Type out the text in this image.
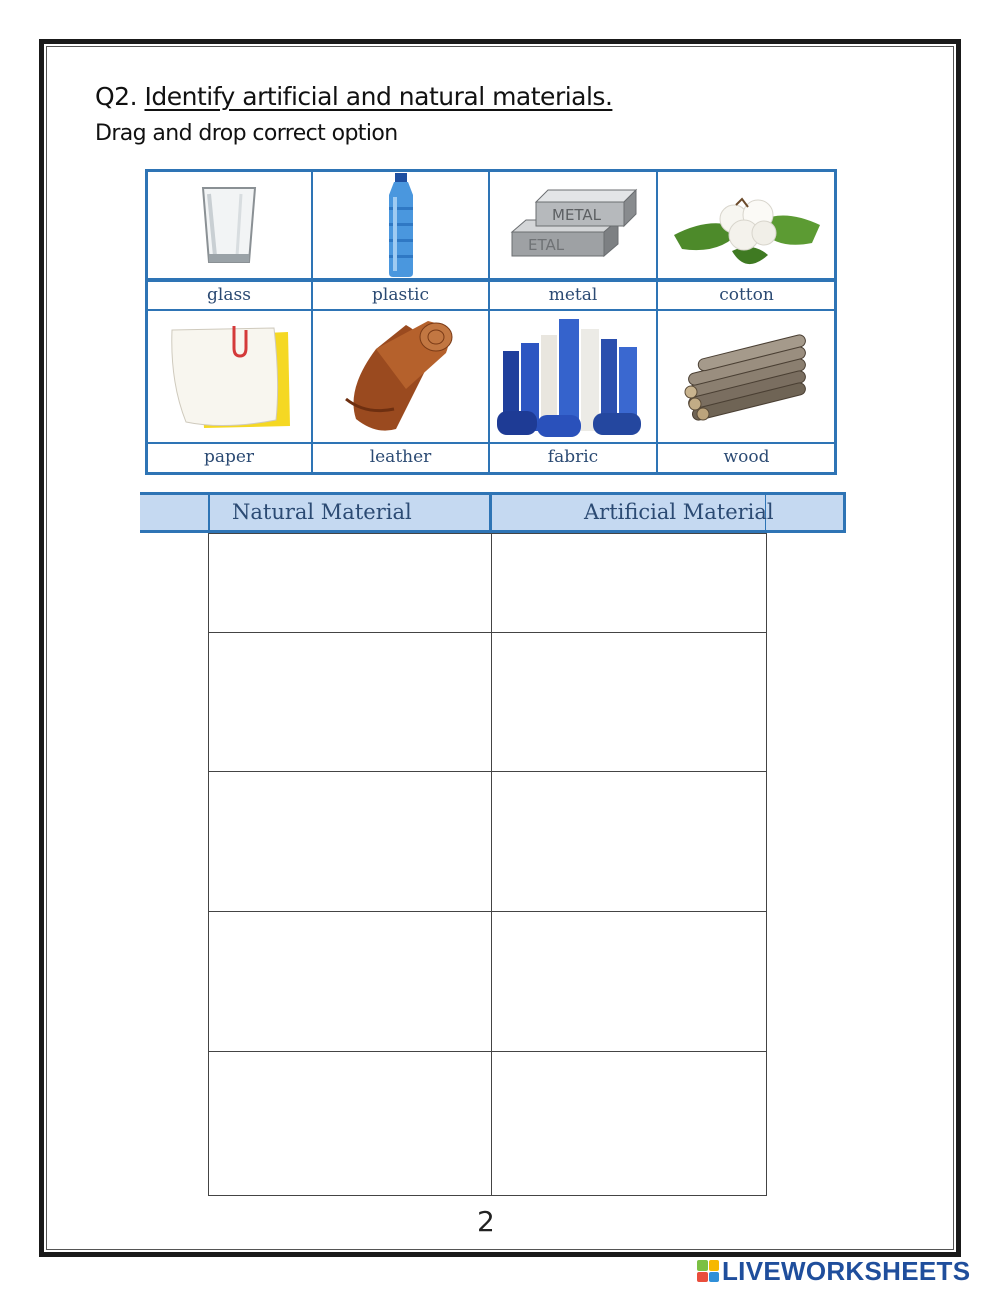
Q2. Identify artificial and natural materials.
Drag and drop correct option
METAL
ETAL
glass	plastic	metal	cotton
paper	leather	fabric	wood
Natural Material	Artificial Material
2
LIVEWORKSHEETS
